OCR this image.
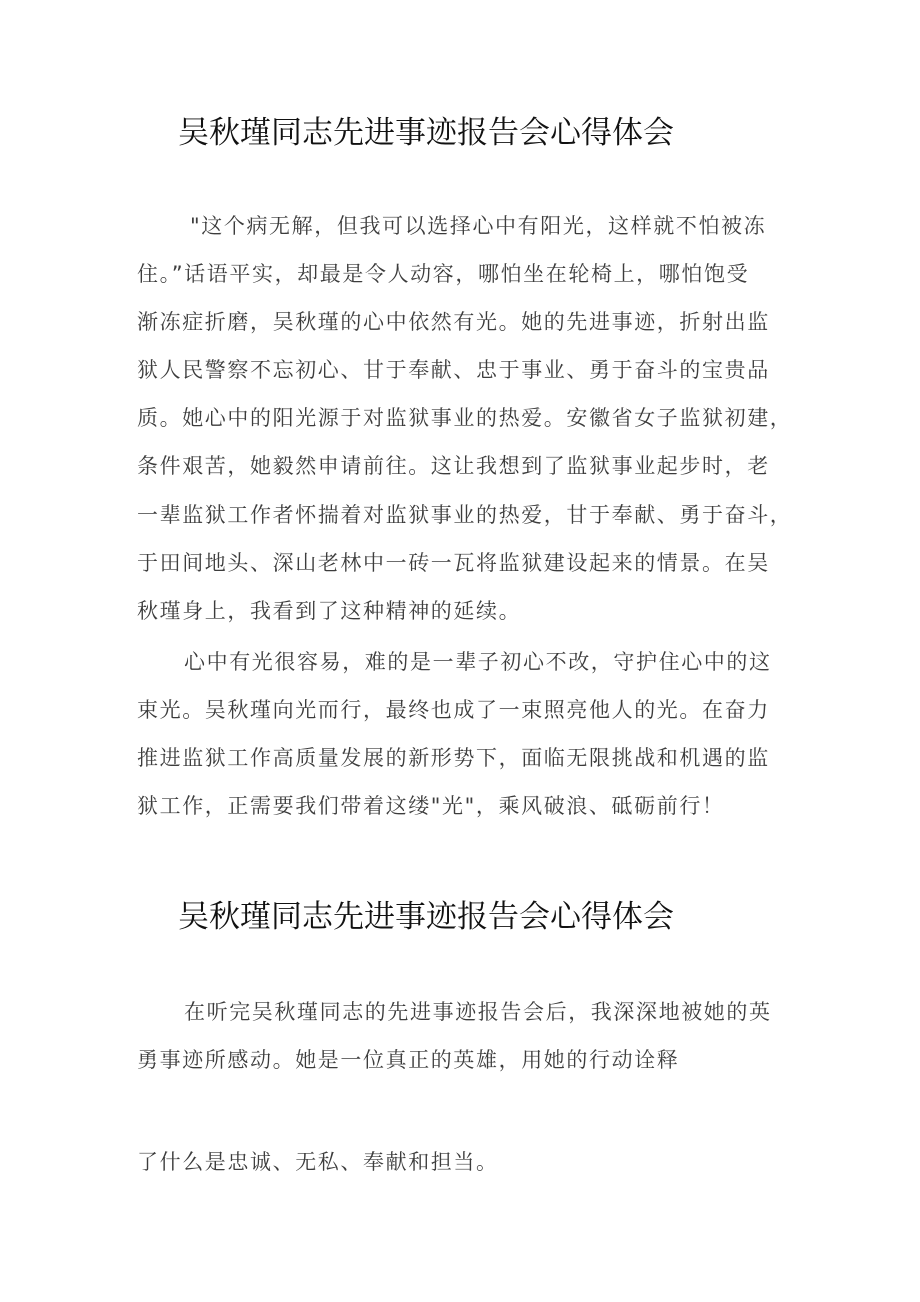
吴秋瑾同志先进事迹报告会心得体会
"这个病无解，但我可以选择心中有阳光，这样就不怕被冻
住。”话语平实，却最是令人动容，哪怕坐在轮椅上，哪怕饱受
渐冻症折磨，吴秋瑾的心中依然有光。她的先进事迹，折射出监
狱人民警察不忘初心、甘于奉献、忠于事业、勇于奋斗的宝贵品
质。她心中的阳光源于对监狱事业的热爱。安徽省女子监狱初建，
条件艰苦，她毅然申请前往。这让我想到了监狱事业起步时，老
一辈监狱工作者怀揣着对监狱事业的热爱，甘于奉献、勇于奋斗，
于田间地头、深山老林中一砖一瓦将监狱建设起来的情景。在吴
秋瑾身上，我看到了这种精神的延续。
心中有光很容易，难的是一辈子初心不改，守护住心中的这
束光。吴秋瑾向光而行，最终也成了一束照亮他人的光。在奋力
推进监狱工作高质量发展的新形势下，面临无限挑战和机遇的监
狱工作，正需要我们带着这缕"光"，乘风破浪、砥砺前行！
吴秋瑾同志先进事迹报告会心得体会
在听完吴秋瑾同志的先进事迹报告会后，我深深地被她的英
勇事迹所感动。她是一位真正的英雄，用她的行动诠释
了什么是忠诚、无私、奉献和担当。
